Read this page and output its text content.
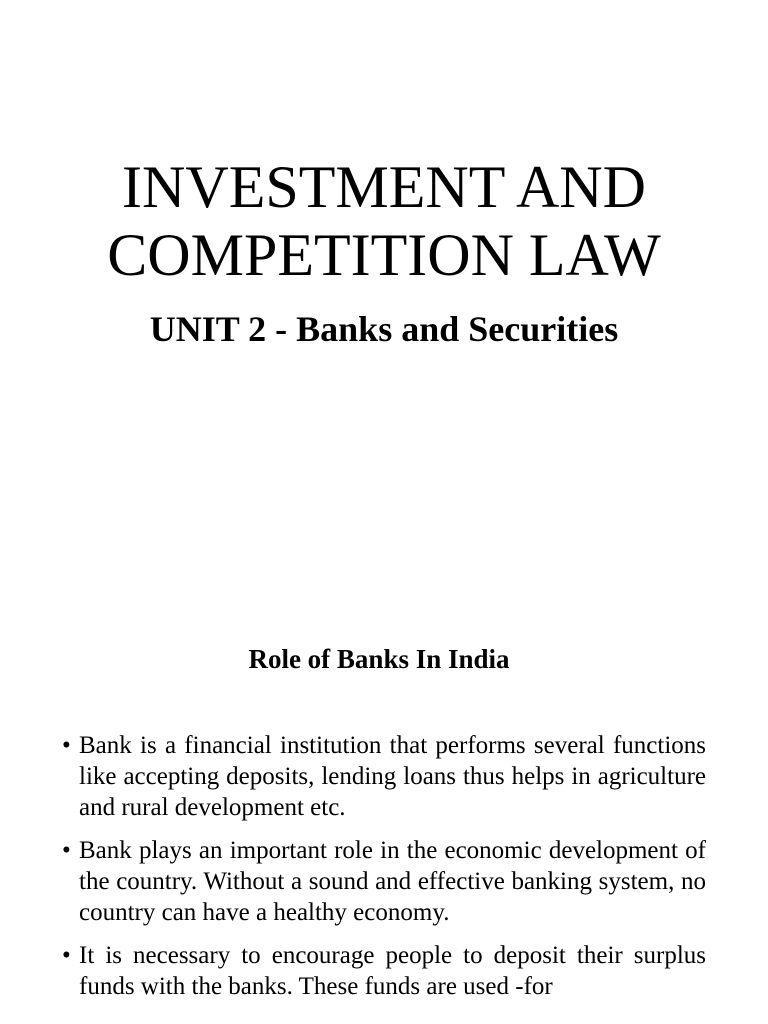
INVESTMENT AND
COMPETITION LAW
UNIT 2 - Banks and Securities
Role of Banks In India
• Bank is a financial institution that performs several functions like accepting deposits, lending loans thus helps in agriculture and rural development etc.
• Bank plays an important role in the economic development of the country. Without a sound and effective banking system, no country can have a healthy economy.
• It is necessary to encourage people to deposit their surplus funds with the banks. These funds are used -for
